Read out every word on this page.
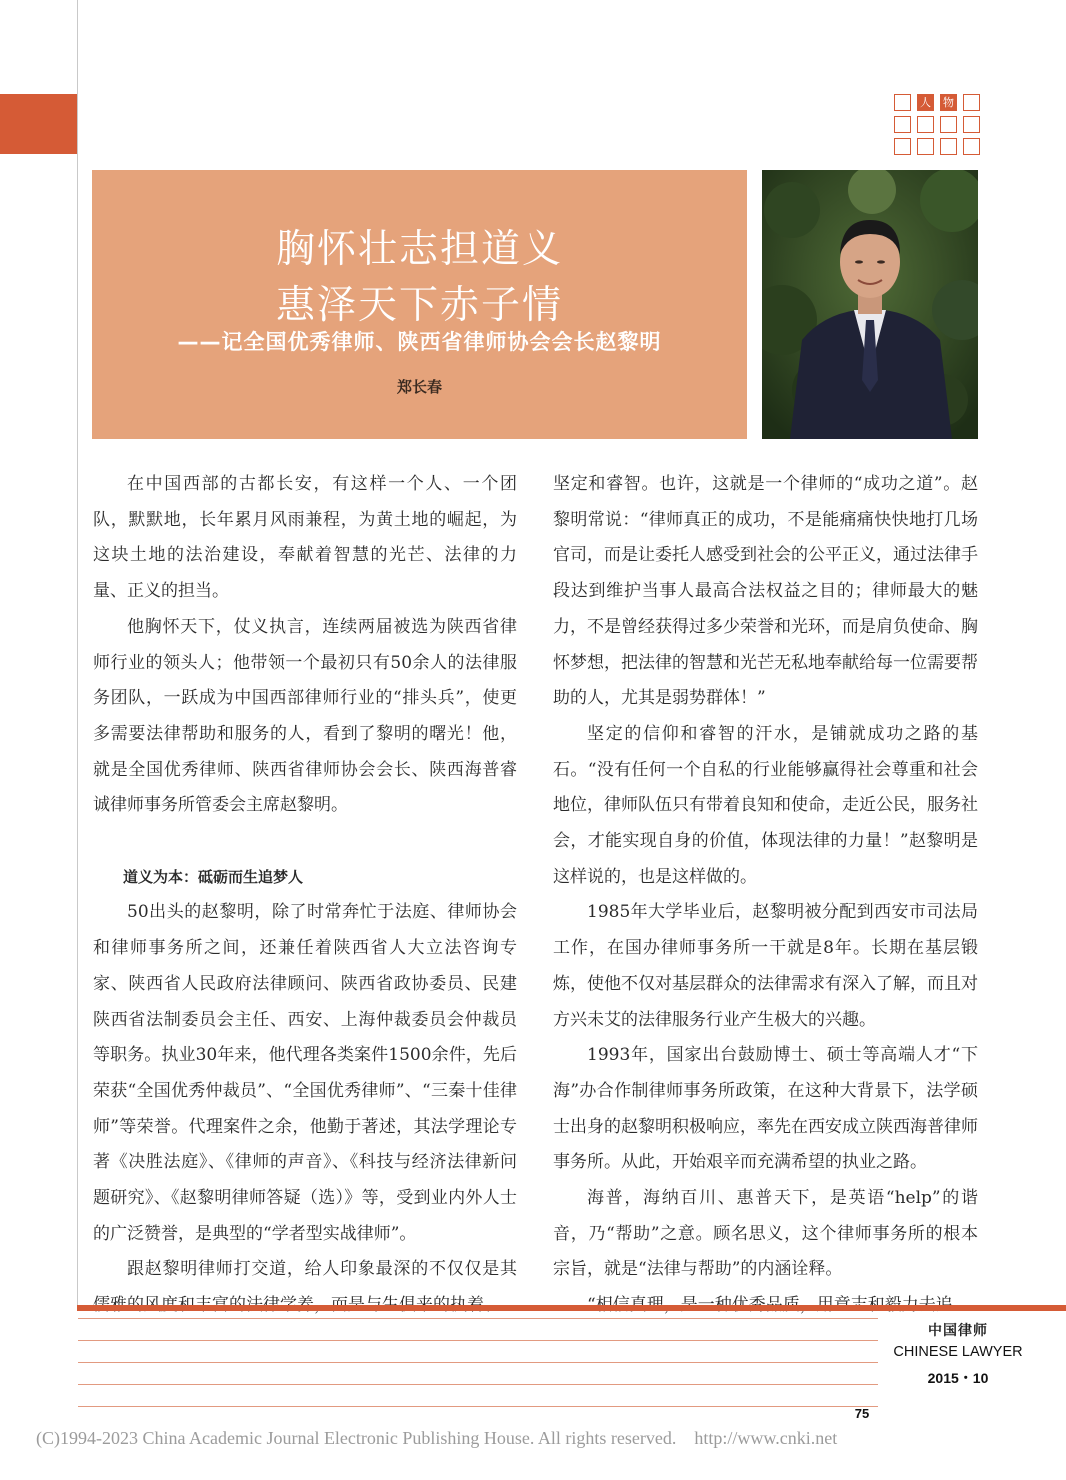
人 物
胸怀壮志担道义
惠泽天下赤子情
——记全国优秀律师、陕西省律师协会会长赵黎明
郑长春

在中国西部的古都长安，有这样一个人、一个团队，默默地，长年累月风雨兼程，为黄土地的崛起，为这块土地的法治建设，奉献着智慧的光芒、法律的力量、正义的担当。

他胸怀天下，仗义执言，连续两届被选为陕西省律师行业的领头人；他带领一个最初只有50余人的法律服务团队，一跃成为中国西部律师行业的“排头兵”，使更多需要法律帮助和服务的人，看到了黎明的曙光！他，就是全国优秀律师、陕西省律师协会会长、陕西海普睿诚律师事务所管委会主席赵黎明。

道义为本：砥砺而生追梦人

50出头的赵黎明，除了时常奔忙于法庭、律师协会和律师事务所之间，还兼任着陕西省人大立法咨询专家、陕西省人民政府法律顾问、陕西省政协委员、民建陕西省法制委员会主任、西安、上海仲裁委员会仲裁员等职务。执业30年来，他代理各类案件1500余件，先后荣获“全国优秀仲裁员”、“全国优秀律师”、“三秦十佳律师”等荣誉。代理案件之余，他勤于著述，其法学理论专著《决胜法庭》、《律师的声音》、《科技与经济法律新问题研究》、《赵黎明律师答疑（选）》等，受到业内外人士的广泛赞誉，是典型的“学者型实战律师”。

跟赵黎明律师打交道，给人印象最深的不仅仅是其

坚定和睿智。也许，这就是一个律师的“成功之道”。赵黎明常说：“律师真正的成功，不是能痛痛快快地打几场官司，而是让委托人感受到社会的公平正义，通过法律手段达到维护当事人最高合法权益之目的；律师最大的魅力，不是曾经获得过多少荣誉和光环，而是肩负使命、胸怀梦想，把法律的智慧和光芒无私地奉献给每一位需要帮助的人，尤其是弱势群体！”

坚定的信仰和睿智的汗水，是铺就成功之路的基石。“没有任何一个自私的行业能够赢得社会尊重和社会地位，律师队伍只有带着良知和使命，走近公民，服务社会，才能实现自身的价值，体现法律的力量！”赵黎明是这样说的，也是这样做的。

1985年大学毕业后，赵黎明被分配到西安市司法局工作，在国办律师事务所一干就是8年。长期在基层锻炼，使他不仅对基层群众的法律需求有深入了解，而且对方兴未艾的法律服务行业产生极大的兴趣。

1993年，国家出台鼓励博士、硕士等高端人才“下海”办合作制律师事务所政策，在这种大背景下，法学硕士出身的赵黎明积极响应，率先在西安成立陕西海普律师事务所。从此，开始艰辛而充满希望的执业之路。

海普，海纳百川、惠普天下，是英语“help”的谐音，乃“帮助”之意。顾名思义，这个律师事务所的根本宗旨，就是“法律与帮助”的内涵诠释。

中国律师
CHINESE LAWYER
2015・10
75
(C)1994-2023 China Academic Journal Electronic Publishing House. All rights reserved.    http://www.cnki.net
